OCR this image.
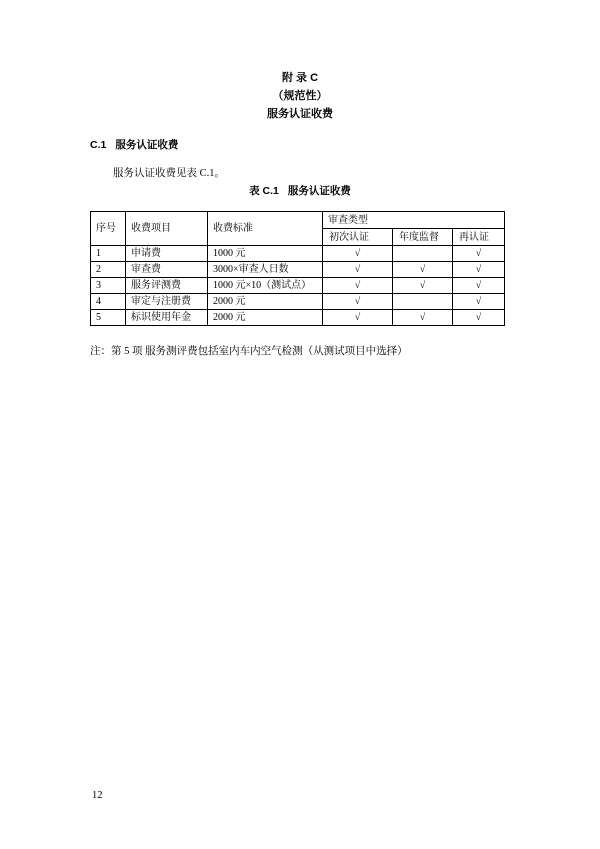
附 录 C
（规范性）
服务认证收费
C.1 服务认证收费
服务认证收费见表 C.1。
表 C.1 服务认证收费
序号	收费项目	收费标准	审查类型		
			初次认证	年度监督	再认证
1	申请费	1000 元	√		√
2	审查费	3000×审查人日数	√	√	√
3	服务评测费	1000 元×10（测试点）	√	√	√
4	审定与注册费	2000 元	√		√
5	标识使用年金	2000 元	√	√	√
注：第 5 项 服务测评费包括室内车内空气检测（从测试项目中选择）
12
